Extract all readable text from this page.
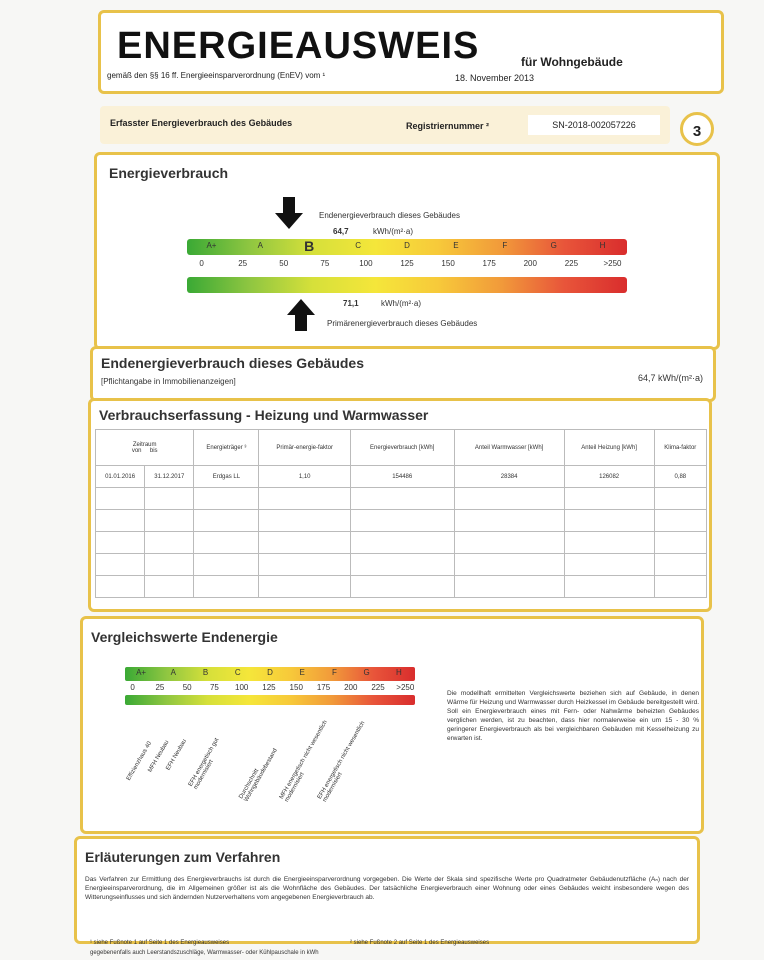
ENERGIEAUSWEIS	für Wohngebäude
gemäß den §§ 16 ff. Energieeinsparverordnung (EnEV) vom ¹	18. November 2013
Erfasster Energieverbrauch des Gebäudes	Registriernummer ²	SN-2018-002057226	3
Energieverbrauch
Endenergieverbrauch dieses Gebäudes
64,7	kWh/(m²·a)
A+	A	B	C	D	E	F	G	H
0	25	50	75	100	125	150	175	200	225	>250
71,1	kWh/(m²·a)
Primärenergieverbrauch dieses Gebäudes
Endenergieverbrauch dieses Gebäudes
[Pflichtangabe in Immobilienanzeigen]	64,7 kWh/(m²·a)
Verbrauchserfassung - Heizung und Warmwasser
Zeitraum
von bis		Energieträger ³	Primär-energie-faktor	Energieverbrauch [kWh]	Anteil Warmwasser [kWh]	Anteil Heizung [kWh]	Klima-faktor
01.01.2016	31.12.2017	Erdgas LL	1,10	154486	28384	126082	0,88

Vergleichswerte Endenergie
A+	A	B	C	D	E	F	G	H
0	25	50	75	100	125	150	175	200	225	>250
Effizienzhaus 40
MFH Neubau
EFH Neubau EFH energetisch gut modernisiert	Durchschnitt Wohngebäudebestand MFH energetisch nicht wesentlich modernisiert	EFH energetisch nicht wesentlich modernisiert
Die modellhaft ermittelten Vergleichswerte beziehen sich auf Gebäude, in denen Wärme für Heizung und Warmwasser durch Heizkessel im Gebäude bereitgestellt wird. Soll ein Energieverbrauch eines mit Fern- oder Nahwärme beheizten Gebäudes verglichen werden, ist zu beachten, dass hier normalerweise ein um 15 - 30 % geringerer Energieverbrauch als bei vergleichbaren Gebäuden mit Kesselheizung zu erwarten ist.
Erläuterungen zum Verfahren
Das Verfahren zur Ermittlung des Energieverbrauchs ist durch die Energieeinsparverordnung vorgegeben. Die Werte der Skala sind spezifische Werte pro Quadratmeter Gebäudenutzfläche (Aₙ) nach der Energieeinsparverordnung, die im Allgemeinen größer ist als die Wohnfläche des Gebäudes. Der tatsächliche Energieverbrauch einer Wohnung oder eines Gebäudes weicht insbesondere wegen des Witterungseinflusses und sich ändernden Nutzerverhaltens vom angegebenen Energieverbrauch ab.
¹ siehe Fußnote 1 auf Seite 1 des Energieausweises	² siehe Fußnote 2 auf Seite 1 des Energieausweises
gegebenenfalls auch Leerstandszuschläge, Warmwasser- oder Kühlpauschale in kWh
